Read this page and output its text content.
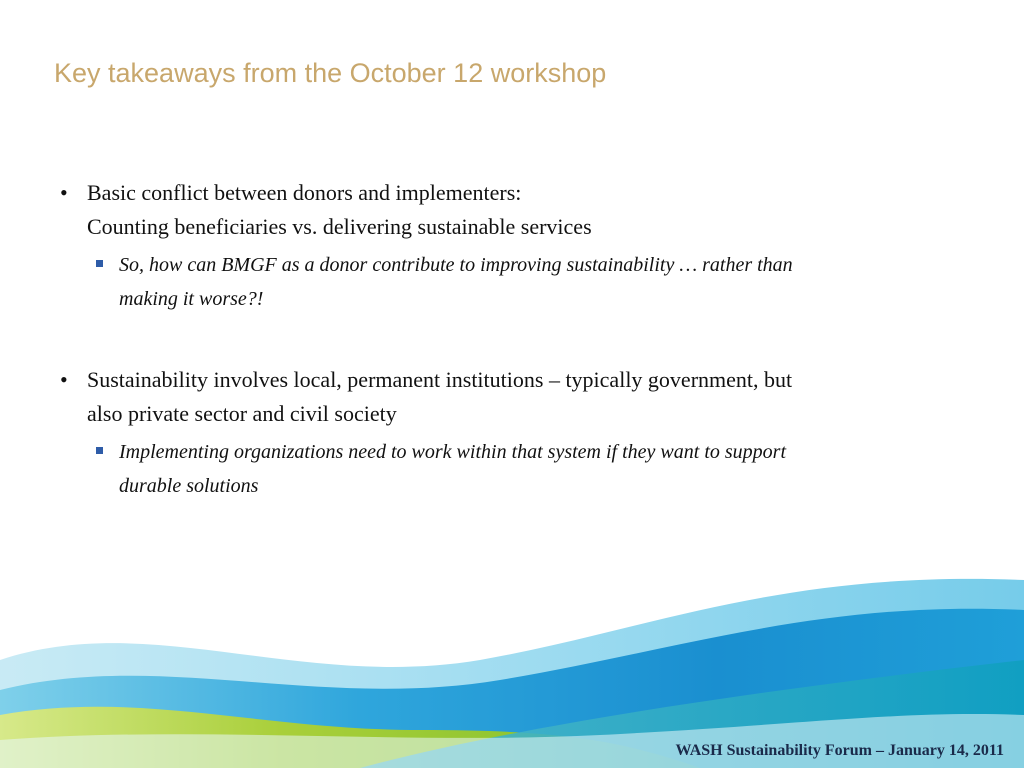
Key takeaways from the October 12 workshop
• Basic conflict between donors and implementers:
Counting beneficiaries vs. delivering sustainable services
So, how can BMGF as a donor contribute to improving sustainability … rather than
making it worse?!
• Sustainability involves local, permanent institutions – typically government, but
also private sector and civil society
Implementing organizations need to work within that system if they want to support
durable solutions
WASH Sustainability Forum – January 14, 2011
